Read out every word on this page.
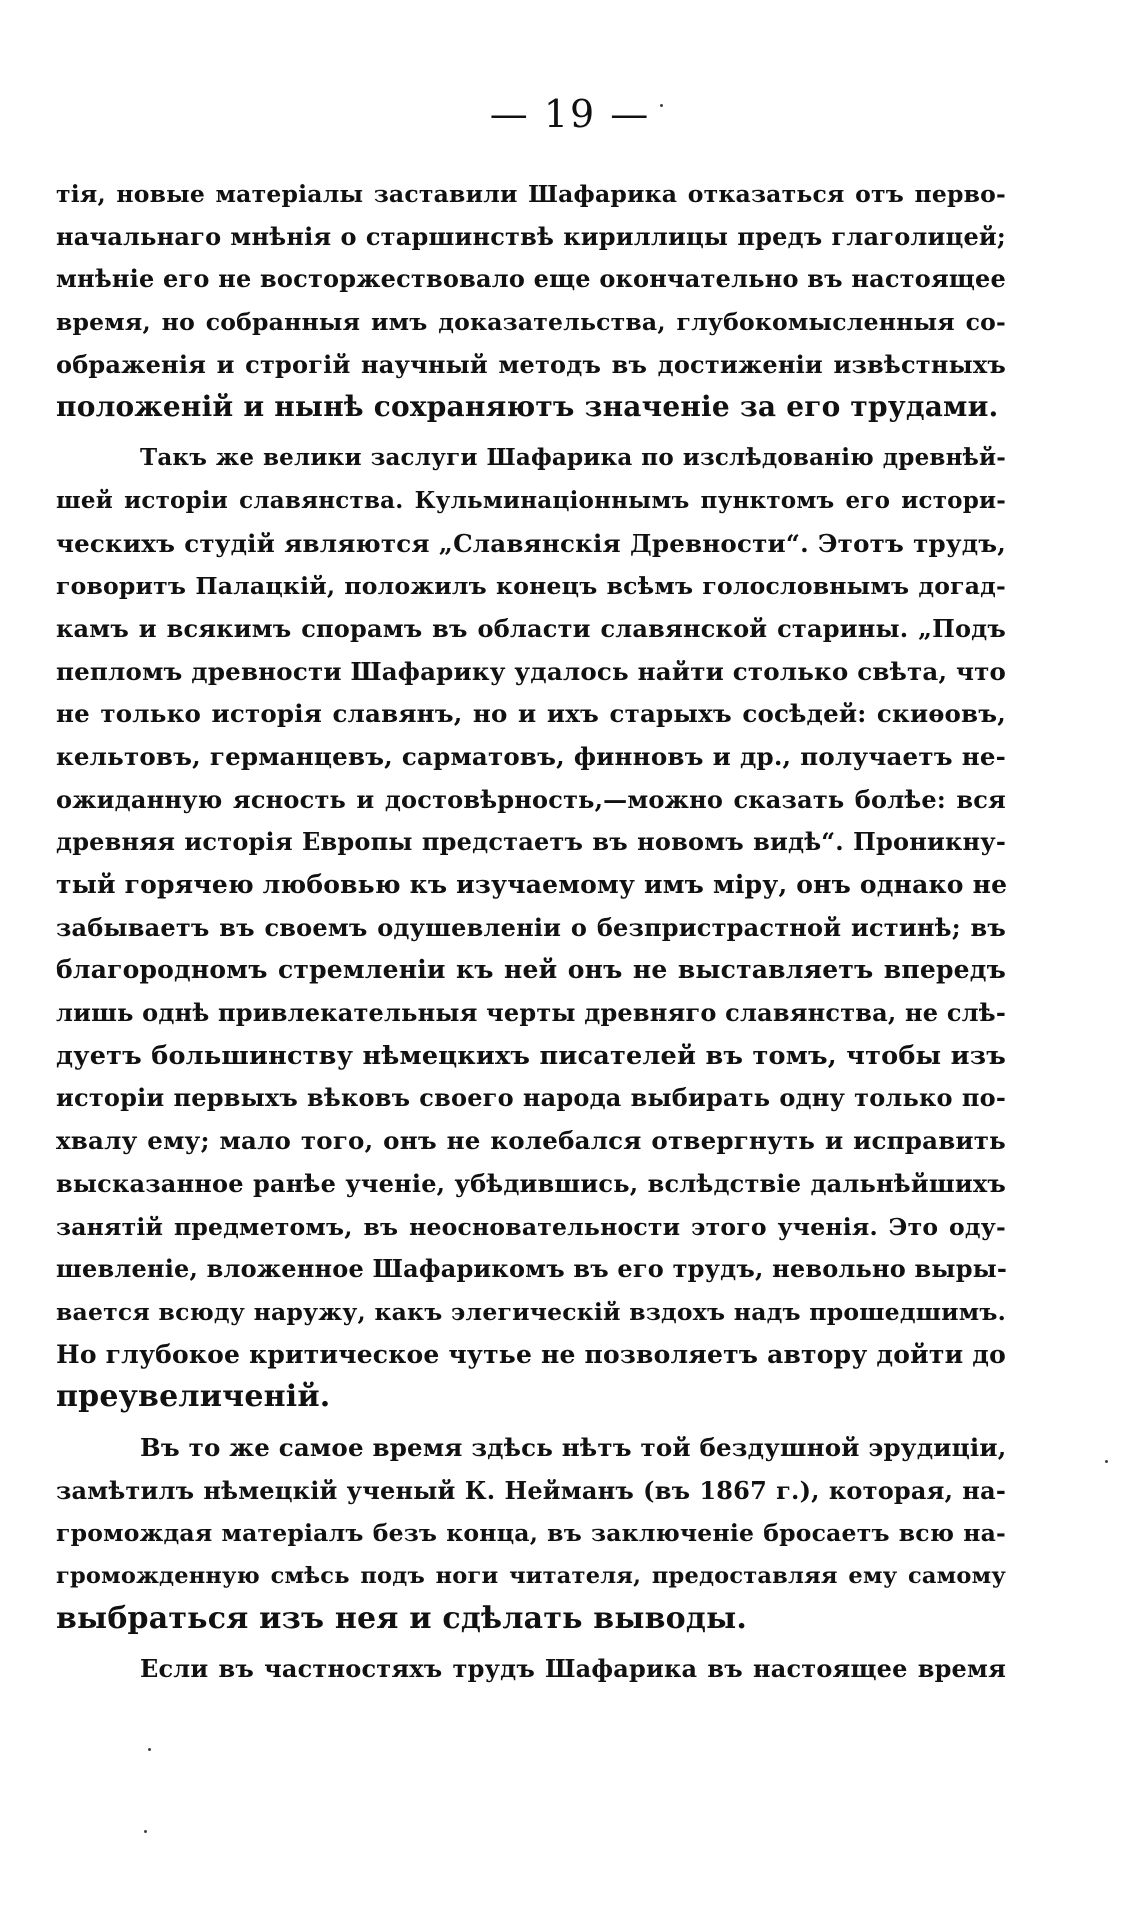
— 19 —
тія, новые матеріалы заставили Шафарика отказаться отъ перво-
начальнаго мнѣнія о старшинствѣ кириллицы предъ глаголицей;
мнѣніе его не восторжествовало еще окончательно въ настоящее
время, но собранныя имъ доказательства, глубокомысленныя со-
ображенія и строгій научный методъ въ достиженіи извѣстныхъ
положеній и нынѣ сохраняютъ значеніе за его трудами.
Такъ же велики заслуги Шафарика по изслѣдованію древнѣй-
шей исторіи славянства. Кульминаціоннымъ пунктомъ его истори-
ческихъ студій являются „Славянскія Древности“. Этотъ трудъ,
говоритъ Палацкій, положилъ конецъ всѣмъ голословнымъ догад-
камъ и всякимъ спорамъ въ области славянской старины. „Подъ
пепломъ древности Шафарику удалось найти столько свѣта, что
не только исторія славянъ, но и ихъ старыхъ сосѣдей: скиѳовъ,
кельтовъ, германцевъ, сарматовъ, финновъ и др., получаетъ не-
ожиданную ясность и достовѣрность,—можно сказать болѣе: вся
древняя исторія Европы предстаетъ въ новомъ видѣ“. Проникну-
тый горячею любовью къ изучаемому имъ міру, онъ однако не
забываетъ въ своемъ одушевленіи о безпристрастной истинѣ; въ
благородномъ стремленіи къ ней онъ не выставляетъ впередъ
лишь однѣ привлекательныя черты древняго славянства, не слѣ-
дуетъ большинству нѣмецкихъ писателей въ томъ, чтобы изъ
исторіи первыхъ вѣковъ своего народа выбирать одну только по-
хвалу ему; мало того, онъ не колебался отвергнуть и исправить
высказанное ранѣе ученіе, убѣдившись, вслѣдствіе дальнѣйшихъ
занятій предметомъ, въ неосновательности этого ученія. Это оду-
шевленіе, вложенное Шафарикомъ въ его трудъ, невольно выры-
вается всюду наружу, какъ элегическій вздохъ надъ прошедшимъ.
Но глубокое критическое чутье не позволяетъ автору дойти до
преувеличеній.
Въ то же самое время здѣсь нѣтъ той бездушной эрудиціи,
замѣтилъ нѣмецкій ученый К. Нейманъ (въ 1867 г.), которая, на-
громождая матеріалъ безъ конца, въ заключеніе бросаетъ всю на-
громожденную смѣсь подъ ноги читателя, предоставляя ему самому
выбраться изъ нея и сдѣлать выводы.
Если въ частностяхъ трудъ Шафарика въ настоящее время
